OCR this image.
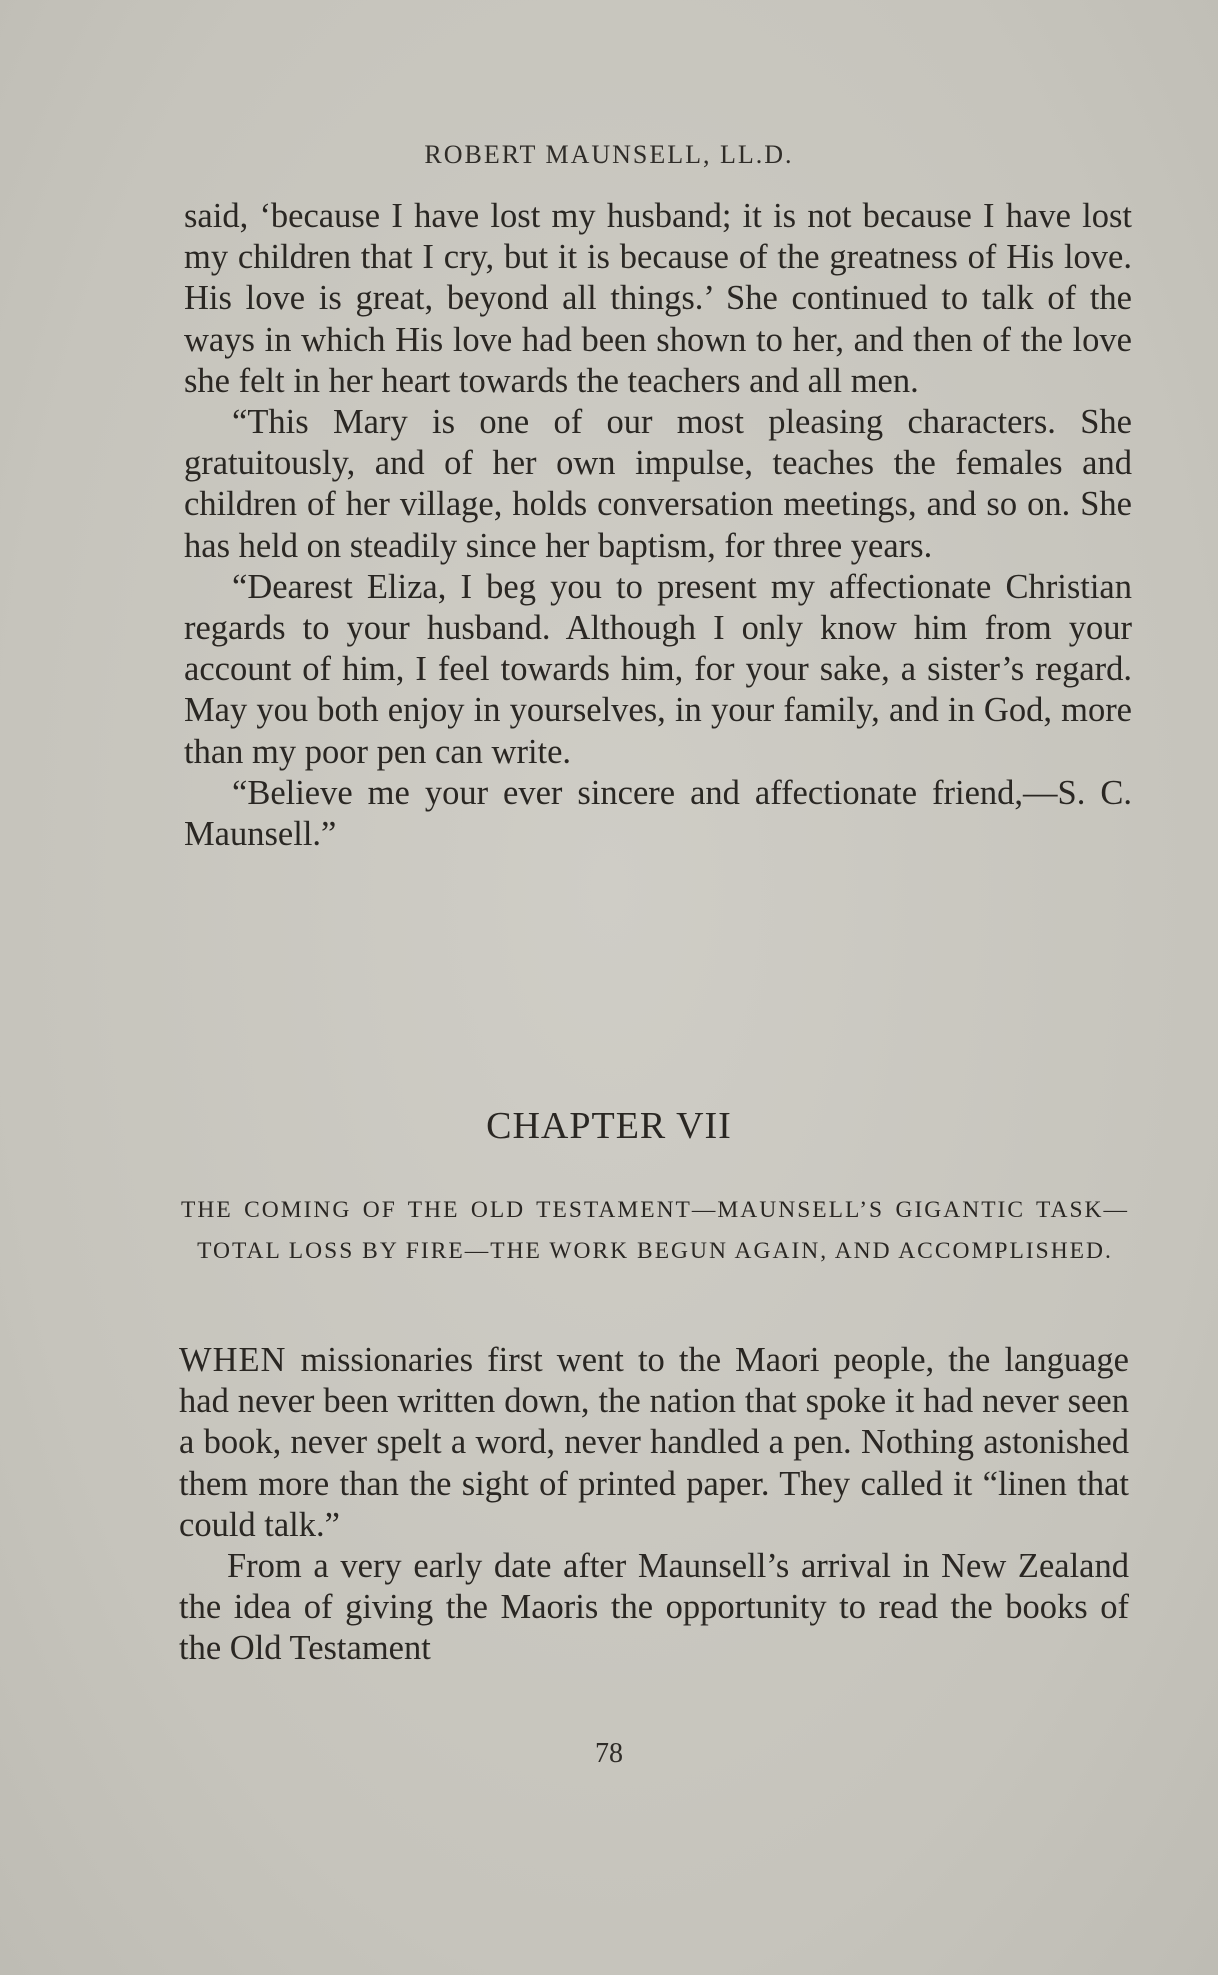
ROBERT MAUNSELL, LL.D.

said, ‘because I have lost my husband; it is not because I have lost my children that I cry, but it is because of the greatness of His love. His love is great, beyond all things.’ She continued to talk of the ways in which His love had been shown to her, and then of the love she felt in her heart towards the teachers and all men.

“This Mary is one of our most pleasing characters. She gratuitously, and of her own impulse, teaches the females and children of her village, holds conversation meetings, and so on. She has held on steadily since her baptism, for three years.

“Dearest Eliza, I beg you to present my affectionate Christian regards to your husband. Although I only know him from your account of him, I feel towards him, for your sake, a sister’s regard. May you both enjoy in yourselves, in your family, and in God, more than my poor pen can write.

“Believe me your ever sincere and affectionate friend,—S. C. Maunsell.”

CHAPTER VII
THE COMING OF THE OLD TESTAMENT—MAUNSELL’S GIGANTIC TASK—TOTAL LOSS BY FIRE—THE WORK BEGUN AGAIN, AND ACCOMPLISHED.

WHEN missionaries first went to the Maori people, the language had never been written down, the nation that spoke it had never seen a book, never spelt a word, never handled a pen. Nothing astonished them more than the sight of printed paper. They called it “linen that could talk.”

From a very early date after Maunsell’s arrival in New Zealand the idea of giving the Maoris the opportunity to read the books of the Old Testament

78
